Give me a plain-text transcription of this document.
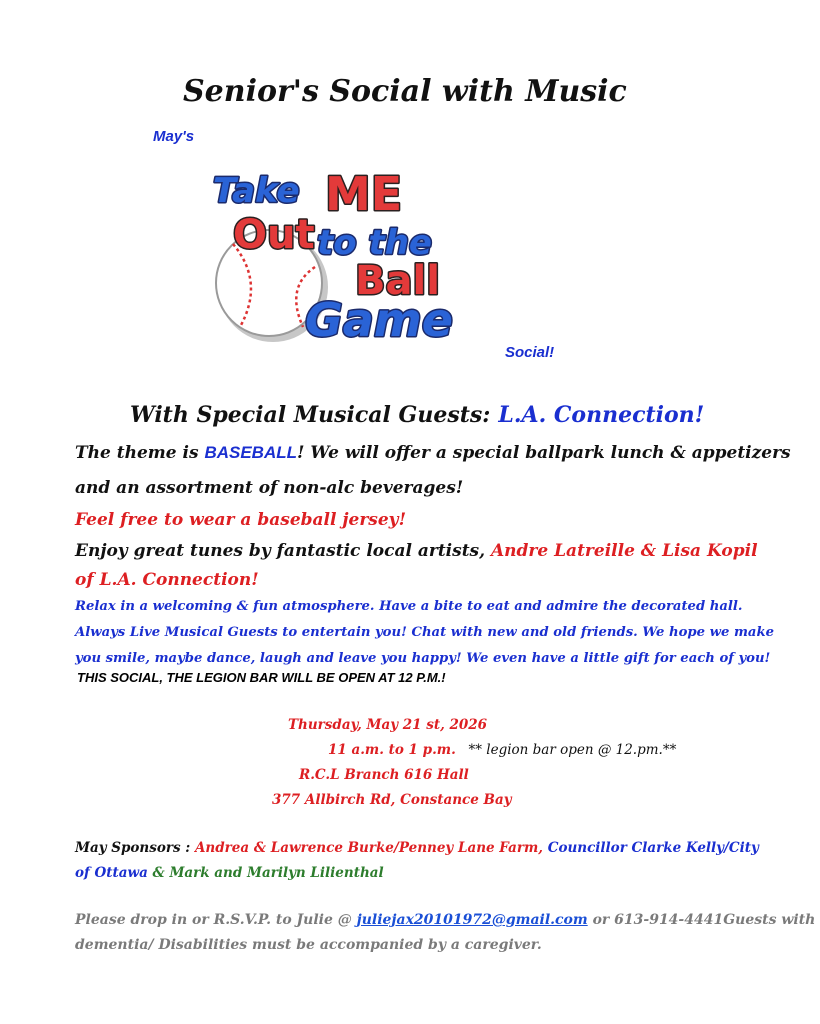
Senior's Social with Music
May's
Take ME
Out to the
Ball
Game
Social!
With Special Musical Guests: L.A. Connection!
The theme is BASEBALL! We will offer a special ballpark lunch & appetizers
and an assortment of non-alc beverages!
Feel free to wear a baseball jersey!
Enjoy great tunes by fantastic local artists, Andre Latreille & Lisa Kopil
of L.A. Connection!
Relax in a welcoming & fun atmosphere. Have a bite to eat and admire the decorated hall.
Always Live Musical Guests to entertain you! Chat with new and old friends. We hope we make
you smile, maybe dance, laugh and leave you happy! We even have a little gift for each of you!
THIS SOCIAL, THE LEGION BAR WILL BE OPEN AT 12 P.M.!
Thursday, May 21 st, 2026
11 a.m. to 1 p.m. ** legion bar open @ 12.pm.**
R.C.L Branch 616 Hall
377 Allbirch Rd, Constance Bay
May Sponsors : Andrea & Lawrence Burke/Penney Lane Farm, Councillor Clarke Kelly/City
of Ottawa & Mark and Marilyn Lilienthal
Please drop in or R.S.V.P. to Julie @ juliejax20101972@gmail.com or 613-914-4441Guests with
dementia/ Disabilities must be accompanied by a caregiver.
